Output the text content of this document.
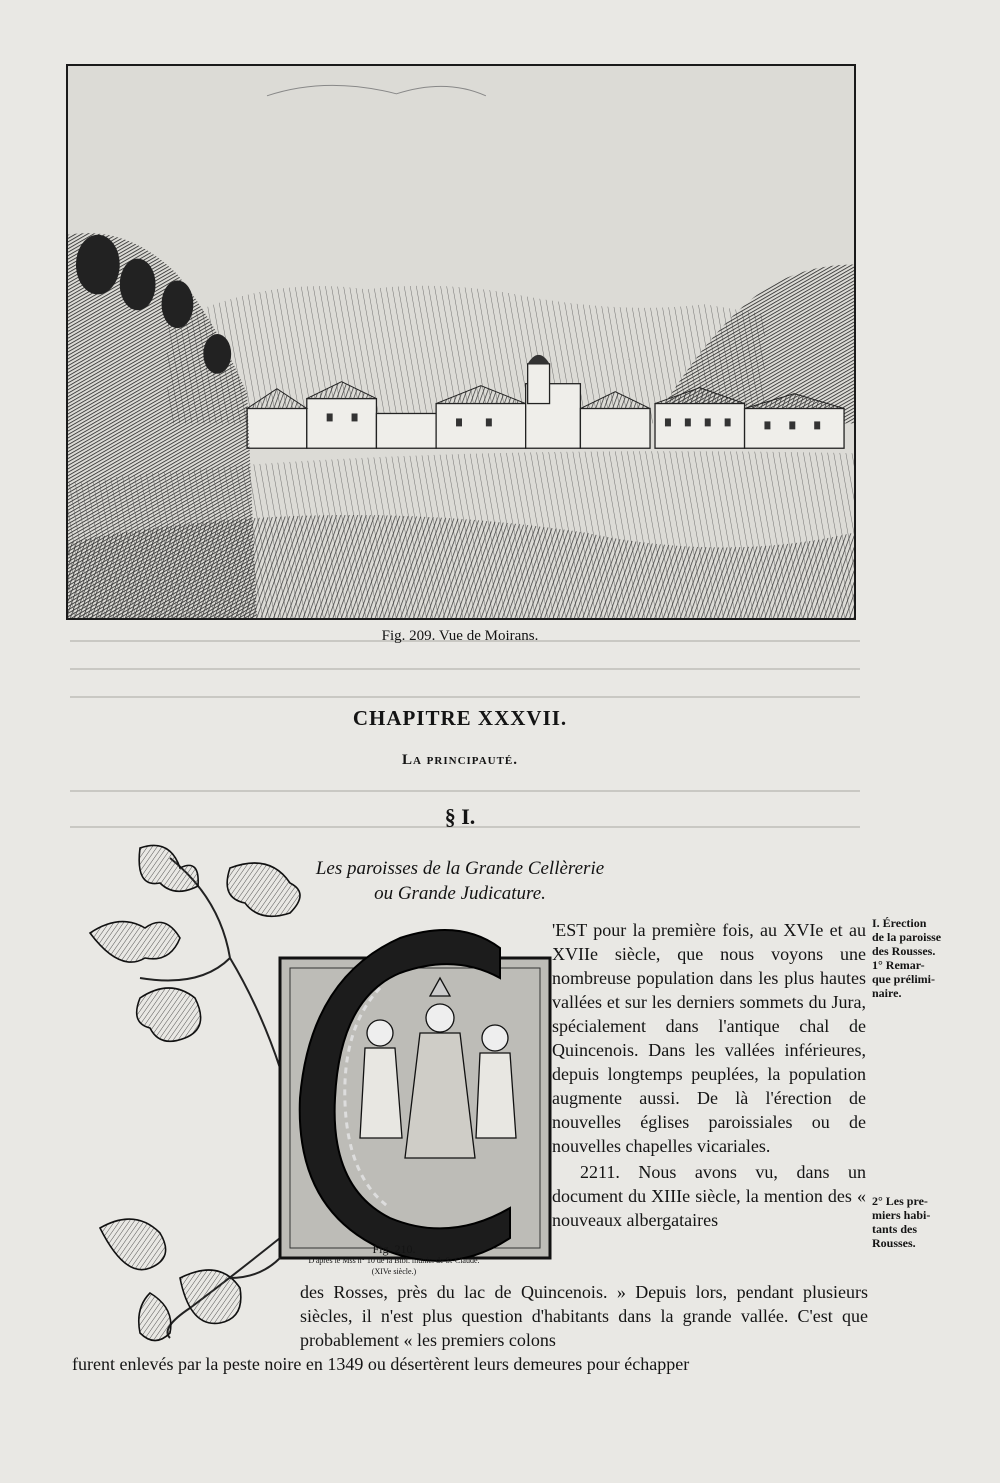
Fig. 209. Vue de Moirans.
CHAPITRE XXXVII.
La principauté.
§ I.
Les paroisses de la Grande Cellèrerie
ou Grande Judicature.
Fig. 210.
D'après le Mss n° 10 de la Bibl. munic. de St-Claude.
(XIVe siècle.)

'EST pour la première fois, au XVIe et au XVIIe siècle, que nous voyons une nombreuse population dans les plus hautes vallées et sur les derniers sommets du Jura, spécialement dans l'antique chal de Quincenois. Dans les vallées inférieures, depuis longtemps peuplées, la population augmente aussi. De là l'érection de nouvelles églises paroissiales ou de nouvelles chapelles vicariales.

2211. Nous avons vu, dans un document du XIIIe siècle, la mention des « nouveaux albergataires

des Rosses, près du lac de Quincenois. » Depuis lors, pendant plusieurs siècles, il n'est plus question d'habitants dans la grande vallée. C'est que probablement « les premiers colons
furent enlevés par la peste noire en 1349 ou désertèrent leurs demeures pour échapper
I. Érection
de la paroisse
des Rousses.
1° Remar-
que prélimi-
naire.
2° Les pre-
miers habi-
tants des
Rousses.
